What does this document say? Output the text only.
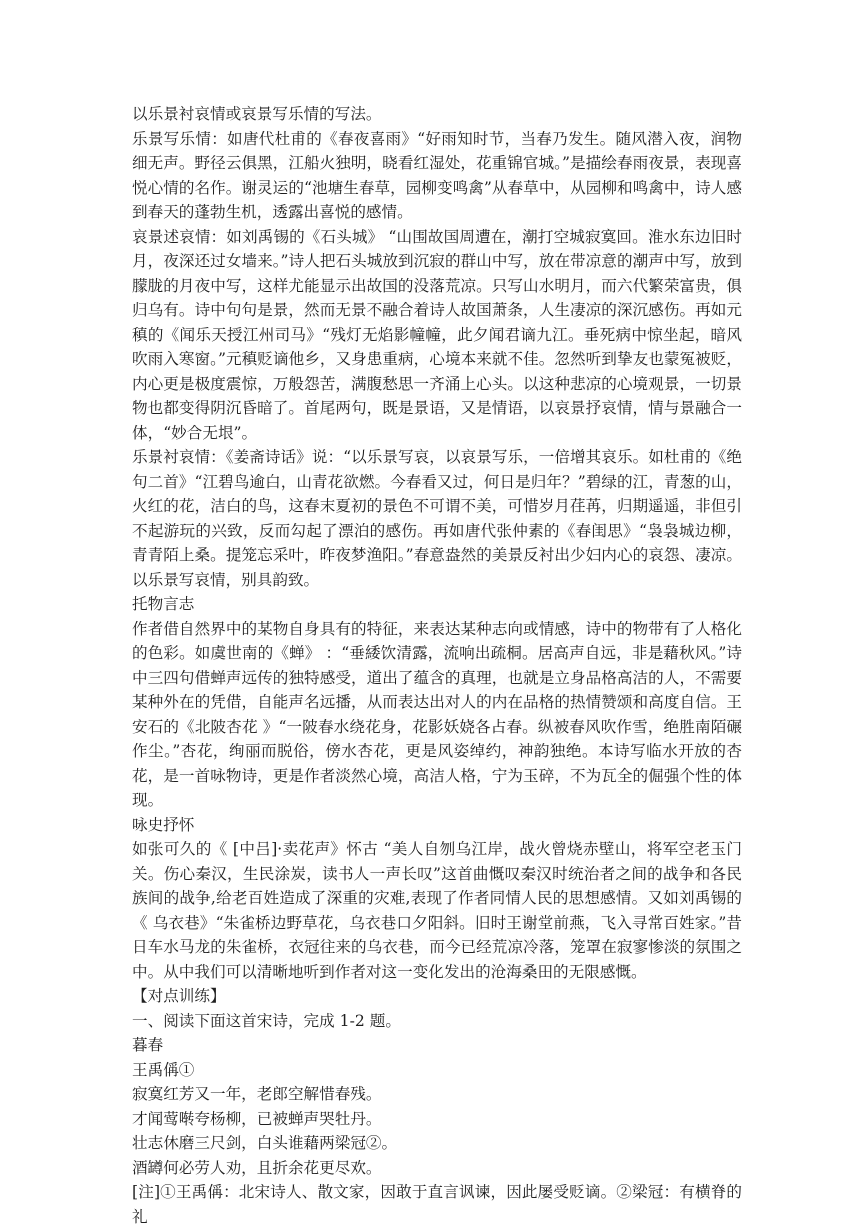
以乐景衬哀情或哀景写乐情的写法。
乐景写乐情：如唐代杜甫的《春夜喜雨》“好雨知时节，当春乃发生。随风潜入夜，润物细无声。野径云俱黑，江船火独明，晓看红湿处，花重锦官城。”是描绘春雨夜景，表现喜悦心情的名作。谢灵运的“池塘生春草，园柳变鸣禽”从春草中，从园柳和鸣禽中，诗人感到春天的蓬勃生机，透露出喜悦的感情。
哀景述哀情：如刘禹锡的《石头城》 “山围故国周遭在，潮打空城寂寞回。淮水东边旧时月，夜深还过女墙来。”诗人把石头城放到沉寂的群山中写，放在带凉意的潮声中写，放到朦胧的月夜中写，这样尤能显示出故国的没落荒凉。只写山水明月，而六代繁荣富贵，俱归乌有。诗中句句是景，然而无景不融合着诗人故国萧条，人生凄凉的深沉感伤。再如元稹的《闻乐天授江州司马》“残灯无焰影幢幢，此夕闻君谪九江。垂死病中惊坐起，暗风吹雨入寒窗。”元稹贬谪他乡，又身患重病，心境本来就不佳。忽然听到挚友也蒙冤被贬，内心更是极度震惊，万般怨苦，满腹愁思一齐涌上心头。以这种悲凉的心境观景，一切景物也都变得阴沉昏暗了。首尾两句，既是景语，又是情语，以哀景抒哀情，情与景融合一体，“妙合无垠”。
乐景衬哀情：《姜斋诗话》说：“以乐景写哀，以哀景写乐，一倍增其哀乐。如杜甫的《绝句二首》“江碧鸟逾白，山青花欲燃。今春看又过，何日是归年？”碧绿的江，青葱的山，火红的花，洁白的鸟，这春末夏初的景色不可谓不美，可惜岁月荏苒，归期遥遥，非但引不起游玩的兴致，反而勾起了漂泊的感伤。再如唐代张仲素的《春闺思》“袅袅城边柳，青青陌上桑。提笼忘采叶，昨夜梦渔阳。”春意盎然的美景反衬出少妇内心的哀怨、凄凉。以乐景写哀情，别具韵致。
托物言志
作者借自然界中的某物自身具有的特征，来表达某种志向或情感，诗中的物带有了人格化的色彩。如虞世南的《蝉》 ：“垂緌饮清露，流响出疏桐。居高声自远，非是藉秋风。”诗中三四句借蝉声远传的独特感受，道出了蕴含的真理，也就是立身品格高洁的人，不需要某种外在的凭借，自能声名远播，从而表达出对人的内在品格的热情赞颂和高度自信。王安石的《北陂杏花 》“一陂春水绕花身，花影妖娆各占春。纵被春风吹作雪，绝胜南陌碾作尘。”杏花，绚丽而脱俗，傍水杏花，更是风姿绰约，神韵独绝。本诗写临水开放的杏花，是一首咏物诗，更是作者淡然心境，高洁人格，宁为玉碎，不为瓦全的倔强个性的体现。
咏史抒怀
如张可久的《 [中吕]·卖花声》怀古 “美人自刎乌江岸，战火曾烧赤壁山，将军空老玉门关。伤心秦汉，生民涂炭，读书人一声长叹”这首曲慨叹秦汉时统治者之间的战争和各民族间的战争,给老百姓造成了深重的灾难,表现了作者同情人民的思想感情。又如刘禹锡的《 乌衣巷》“朱雀桥边野草花，乌衣巷口夕阳斜。旧时王谢堂前燕，飞入寻常百姓家。”昔日车水马龙的朱雀桥，衣冠往来的乌衣巷，而今已经荒凉冷落，笼罩在寂寥惨淡的氛围之中。从中我们可以清晰地听到作者对这一变化发出的沧海桑田的无限感慨。
【对点训练】
一、阅读下面这首宋诗，完成 1-2 题。
暮春
王禹偁①
寂寞红芳又一年，老郎空解惜春残。
才闻莺啭夸杨柳，已被蝉声哭牡丹。
壮志休磨三尺剑，白头谁藉两梁冠②。
酒罇何必劳人劝，且折余花更尽欢。
[注]①王禹偁：北宋诗人、散文家，因敢于直言讽谏，因此屡受贬谪。②梁冠：有横脊的礼
